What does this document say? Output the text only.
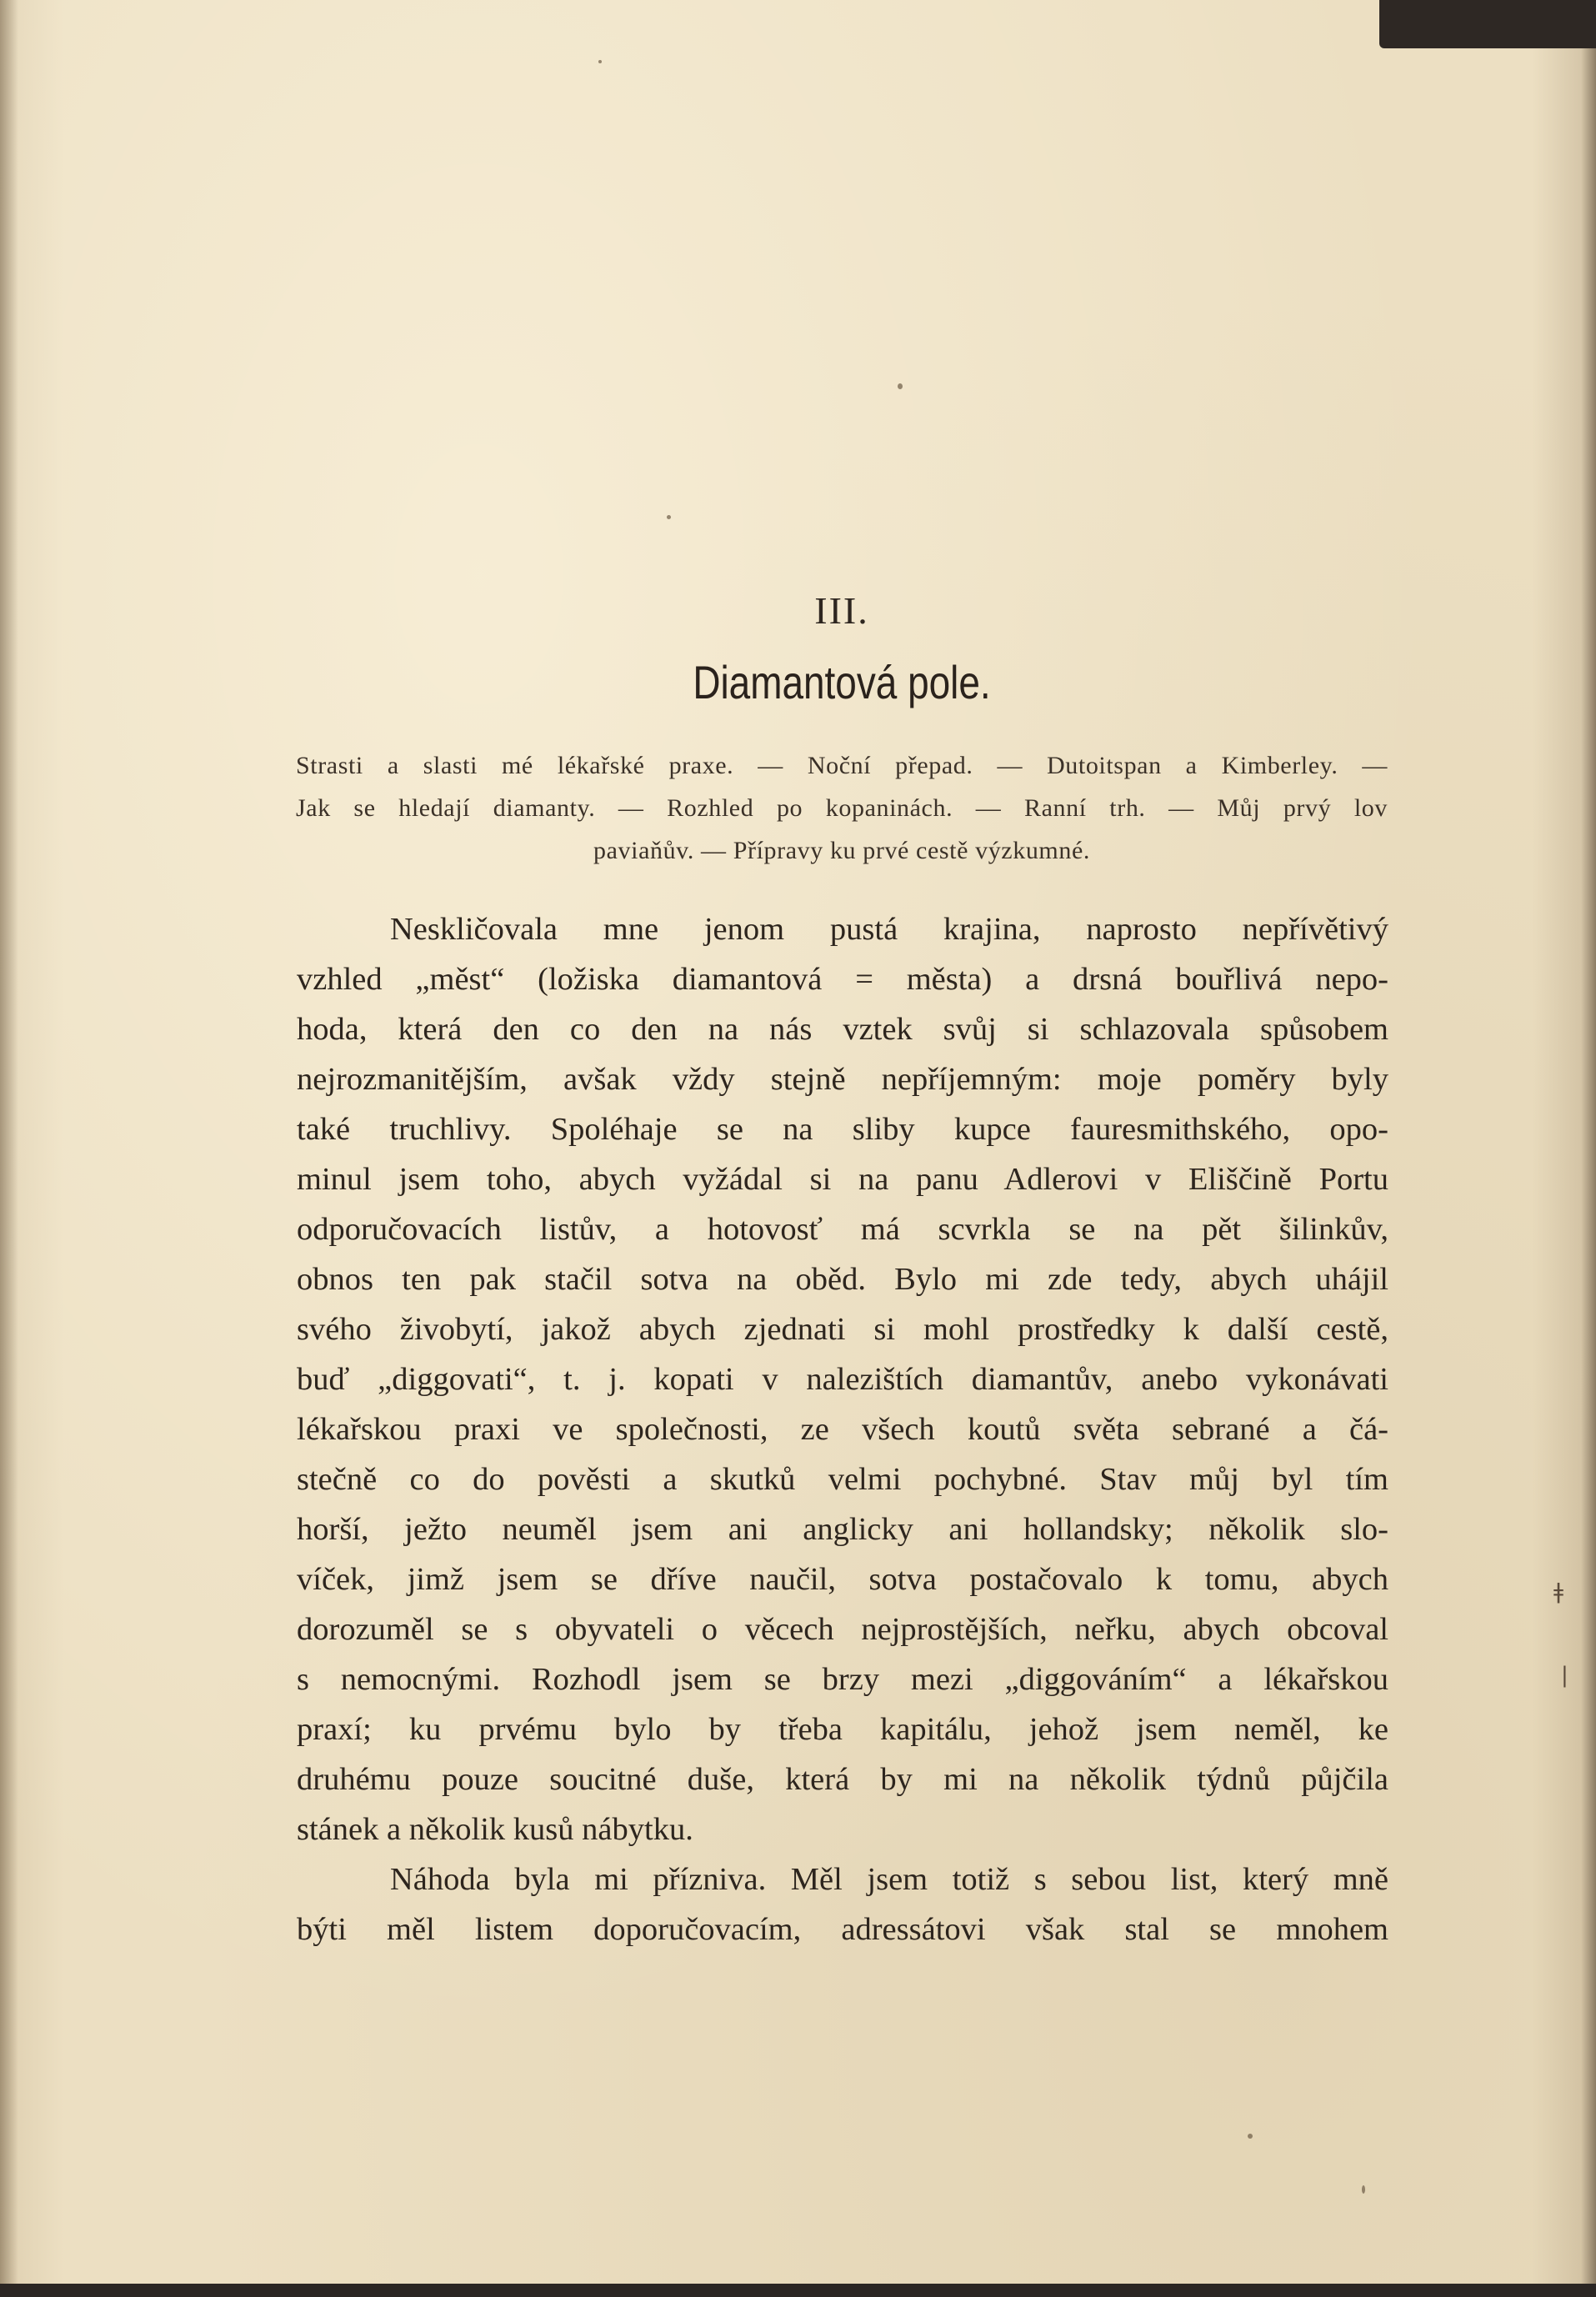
ǂ
|
III.
Diamantová pole.
Strasti a slasti mé lékařské praxe. — Noční přepad. — Dutoitspan a Kimberley. —
Jak se hledají diamanty. — Rozhled po kopaninách. — Ranní trh. — Můj prvý lov
paviaňův. — Přípravy ku prvé cestě výzkumné.
Neskličovala mne jenom pustá krajina, naprosto nepřívětivý
vzhled „měst“ (ložiska diamantová = města) a drsná bouřlivá nepo-
hoda, která den co den na nás vztek svůj si schlazovala spůsobem
nejrozmanitějším, avšak vždy stejně nepříjemným: moje poměry byly
také truchlivy. Spoléhaje se na sliby kupce fauresmithského, opo-
minul jsem toho, abych vyžádal si na panu Adlerovi v Eliščině Portu
odporučovacích listův, a hotovosť má scvrkla se na pět šilinkův,
obnos ten pak stačil sotva na oběd. Bylo mi zde tedy, abych uhájil
svého živobytí, jakož abych zjednati si mohl prostředky k další cestě,
buď „diggovati“, t. j. kopati v nalezištích diamantův, anebo vykonávati
lékařskou praxi ve společnosti, ze všech koutů světa sebrané a čá-
stečně co do pověsti a skutků velmi pochybné. Stav můj byl tím
horší, ježto neuměl jsem ani anglicky ani hollandsky; několik slo-
víček, jimž jsem se dříve naučil, sotva postačovalo k tomu, abych
dorozuměl se s obyvateli o věcech nejprostějších, neřku, abych obcoval
s nemocnými. Rozhodl jsem se brzy mezi „diggováním“ a lékařskou
praxí; ku prvému bylo by třeba kapitálu, jehož jsem neměl, ke
druhému pouze soucitné duše, která by mi na několik týdnů půjčila
stánek a několik kusů nábytku.
Náhoda byla mi příznivа. Měl jsem totiž s sebou list, který mně
býti měl listem doporučovacím, adressátovi však stal se mnohem
